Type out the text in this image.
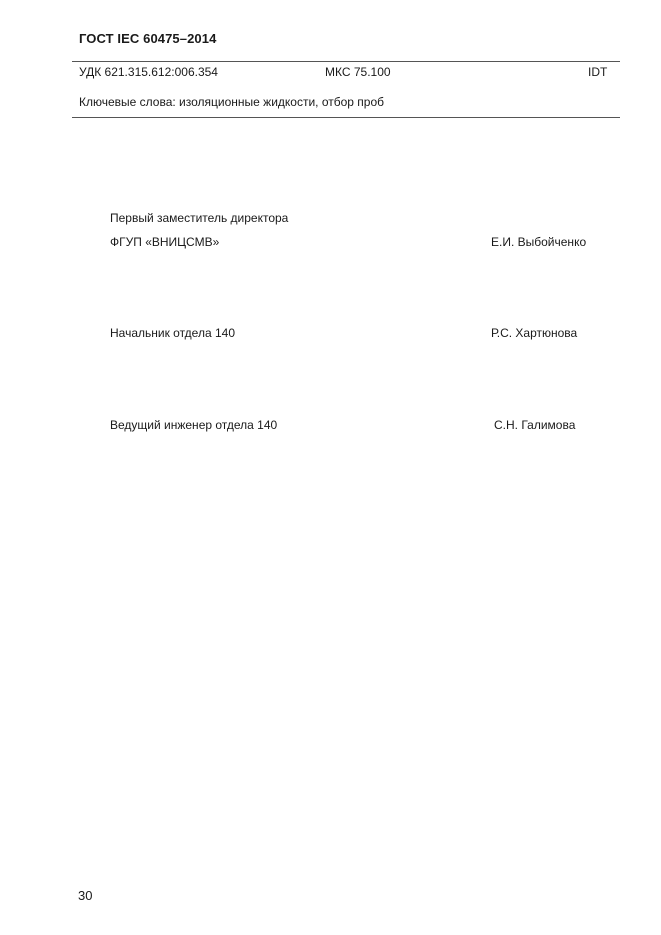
ГОСТ IEC 60475–2014
УДК 621.315.612:006.354	МКС 75.100	IDT
Ключевые слова: изоляционные жидкости, отбор проб
Первый заместитель директора
ФГУП «ВНИЦСМВ»	Е.И. Выбойченко
Начальник отдела 140	Р.С. Хартюнова
Ведущий инженер отдела 140	С.Н. Галимова
30
